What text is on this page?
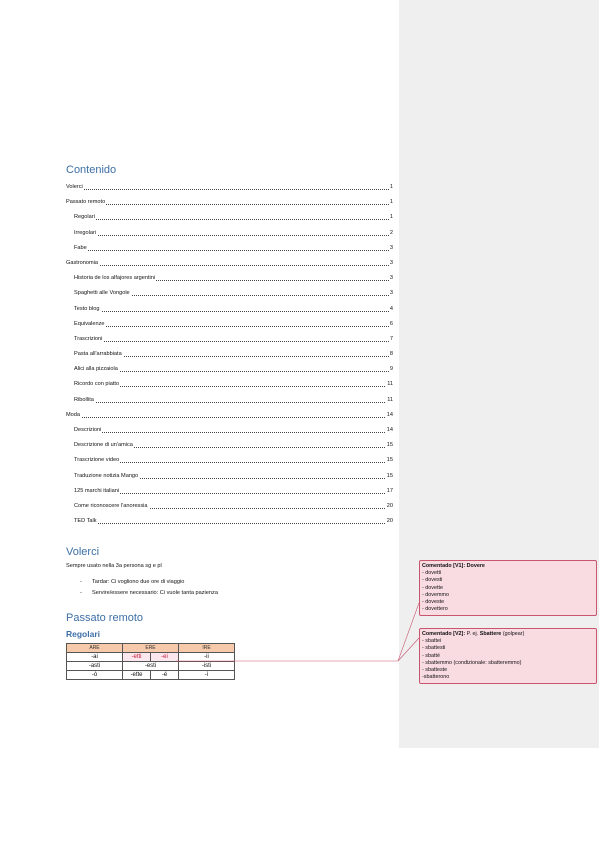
Contenido
Volerci	1
Passato remoto	1
Regolari	1
Irregolari	2
Fabe	3
Gastronomia	3
Historia de los alfajores argentini	3
Spaghetti alle Vongole	3
Testo blog	4
Equivalenze	6
Trascrizioni	7
Pasta all'arrabbiata	8
Alici alla pizzaiola	9
Ricordo con piatto	11
Ribollita	11
Moda	14
Descrizioni	14
Descrizione di un'amica	15
Trascrizione video	15
Traduzione notizia Mango	15
125 marchi italiani	17
Come riconoscere l'anoressia	20
TED Talk	20
Volerci

Sempre usato nella 3a persona sg e pl

- Tardar: Ci vogliono due ore di viaggio
- Servire/essere necessario: Ci vuole tanta pazienza
Passato remoto
Regolari
ARE	ERE		IRE
-ai	-etti	-ei	-ii
-asti	-esti		-isti
-ò	-ette	-é	-ì
Comentado [V1]: Dovere
- dovetti
- dovesti
- dovette
- dovemmo
- doveste
- dovettero
Comentado [V2]: P. ej. Sbattere (golpear)
- sbattei
- sbattesti
- sbatté
- sbattemmo (condizionale: sbatteremmo)
- sbatteste
-sbatterono
